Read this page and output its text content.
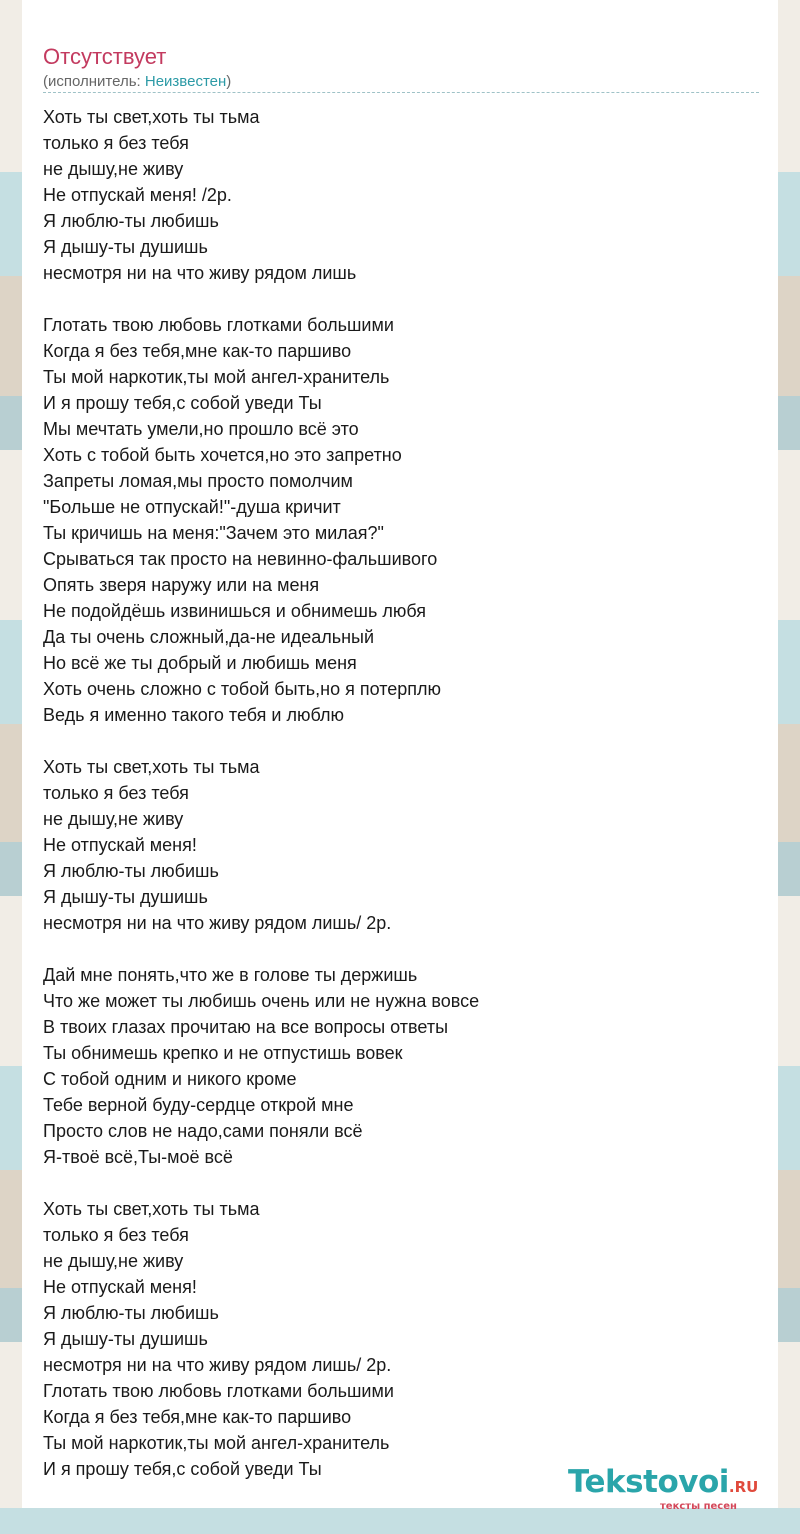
Отсутствует
(исполнитель: Неизвестен)
Хоть ты свет,хоть ты тьма
только я без тебя
не дышу,не живу
Не отпускай меня! /2р.
Я люблю-ты любишь
Я дышу-ты душишь
несмотря ни на что живу рядом лишь
Глотать твою любовь глотками большими
Когда я без тебя,мне как-то паршиво
Ты мой наркотик,ты мой ангел-хранитель
И я прошу тебя,с собой уведи Ты
Мы мечтать умели,но прошло всё это
Хоть с тобой быть хочется,но это запретно
Запреты ломая,мы просто помолчим
"Больше не отпускай!"-душа кричит
Ты кричишь на меня:"Зачем это милая?"
Срываться так просто на невинно-фальшивого
Опять зверя наружу или на меня
Не подойдёшь извинишься и обнимешь любя
Да ты очень сложный,да-не идеальный
Но всё же ты добрый и любишь меня
Хоть очень сложно с тобой быть,но я потерплю
Ведь я именно такого тебя и люблю
Хоть ты свет,хоть ты тьма
только я без тебя
не дышу,не живу
Не отпускай меня!
Я люблю-ты любишь
Я дышу-ты душишь
несмотря ни на что живу рядом лишь/ 2р.
Дай мне понять,что же в голове ты держишь
Что же может ты любишь очень или не нужна вовсе
В твоих глазах прочитаю на все вопросы ответы
Ты обнимешь крепко и не отпустишь вовек
С тобой одним и никого кроме
Тебе верной буду-сердце открой мне
Просто слов не надо,сами поняли всё
Я-твоё всё,Ты-моё всё
Хоть ты свет,хоть ты тьма
только я без тебя
не дышу,не живу
Не отпускай меня!
Я люблю-ты любишь
Я дышу-ты душишь
несмотря ни на что живу рядом лишь/ 2р.
Глотать твою любовь глотками большими
Когда я без тебя,мне как-то паршиво
Ты мой наркотик,ты мой ангел-хранитель
И я прошу тебя,с собой уведи Ты	Tekstovoi.RU
тексты песен
